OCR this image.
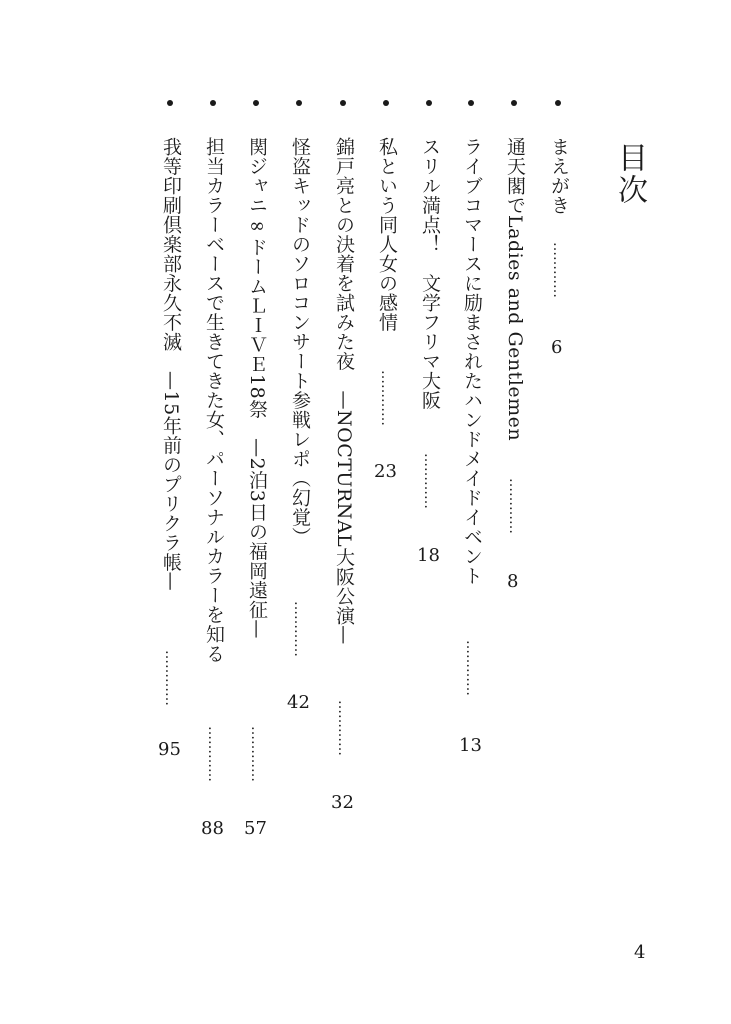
目次
まえがき
通天閣でLadies and Gentlemen
ライブコマースに励まされたハンドメイドイベント
スリル満点！　文学フリマ大阪
私という同人女の感情
錦戸亮との決着を試みた夜　—NOCTURNAL大阪公演—
怪盗キッドのソロコンサート参戦レポ（幻覚）
関ジャニ∞ドームＬＩＶＥ18祭　—2泊3日の福岡遠征—
担当カラーベースで生きてきた女、パーソナルカラーを知る
我等印刷倶楽部永久不滅　—15年前のプリクラ帳—	…………
…………
…………
…………
…………
…………
…………
…………
…………
…………
6
8
13
18
23
32
42
57
88
95
4
